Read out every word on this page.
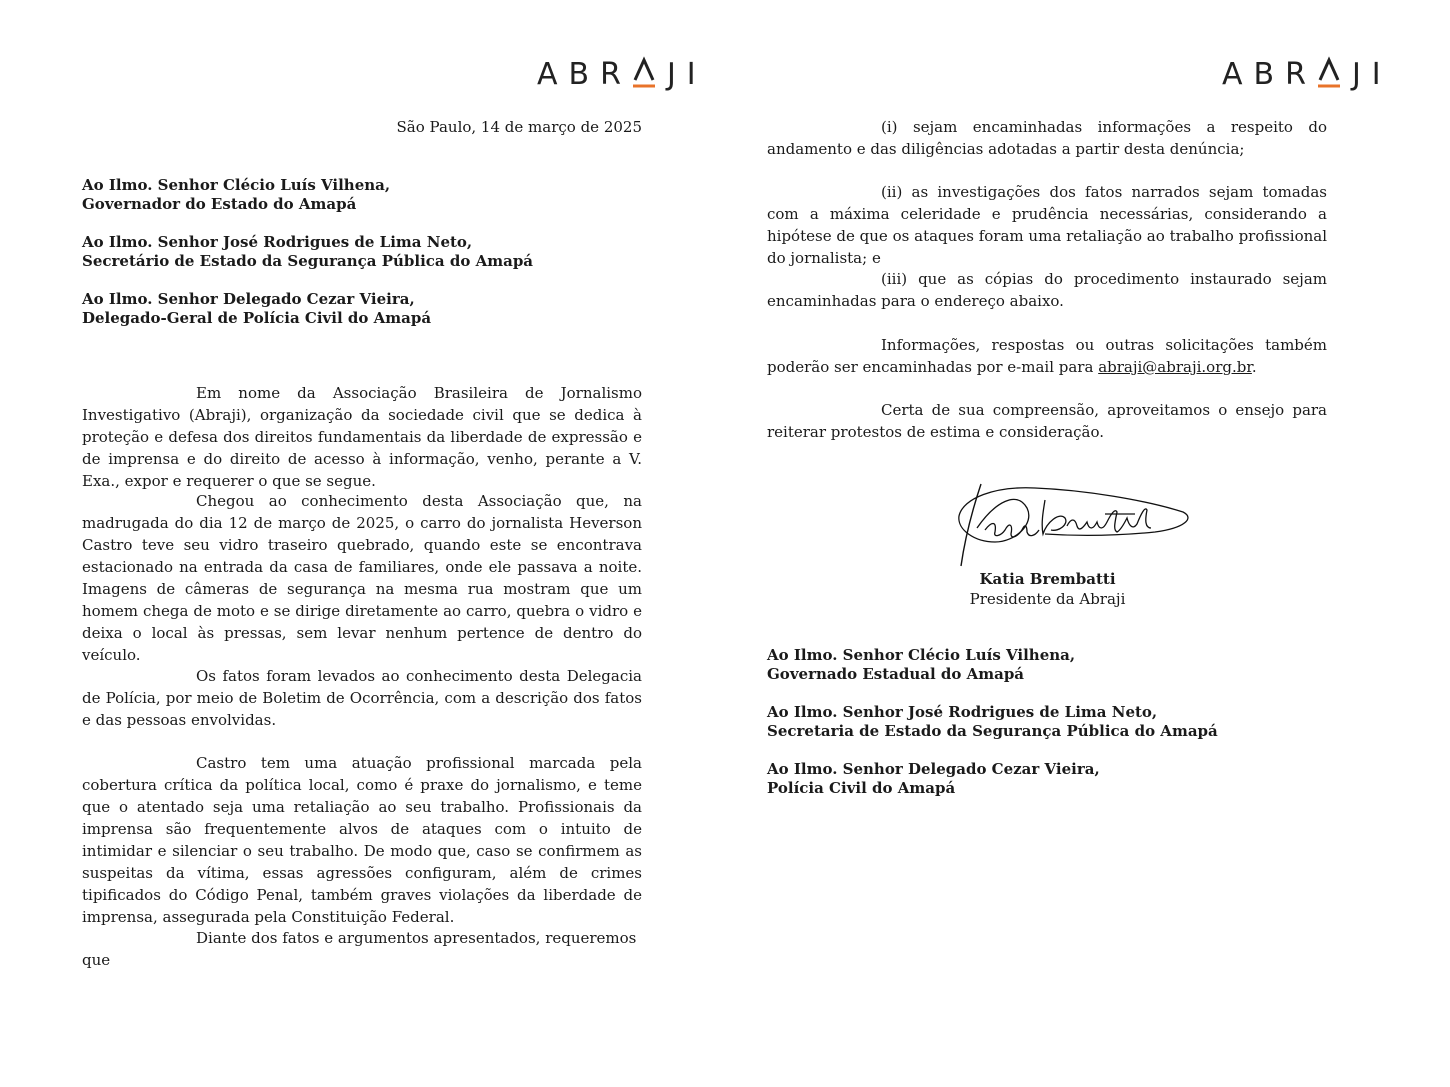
ABR JI
São Paulo, 14 de março de 2025
Ao Ilmo. Senhor Clécio Luís Vilhena,
Governador do Estado do Amapá
Ao Ilmo. Senhor José Rodrigues de Lima Neto,
Secretário de Estado da Segurança Pública do Amapá
Ao Ilmo. Senhor Delegado Cezar Vieira,
Delegado-Geral de Polícia Civil do Amapá
Em nome da Associação Brasileira de Jornalismo Investigativo (Abraji), organização da sociedade civil que se dedica à proteção e defesa dos direitos fundamentais da liberdade de expressão e de imprensa e do direito de acesso à informação, venho, perante a V. Exa., expor e requerer o que se segue.
Chegou ao conhecimento desta Associação que, na madrugada do dia 12 de março de 2025, o carro do jornalista Heverson Castro teve seu vidro traseiro quebrado, quando este se encontrava estacionado na entrada da casa de familiares, onde ele passava a noite. Imagens de câmeras de segurança na mesma rua mostram que um homem chega de moto e se dirige diretamente ao carro, quebra o vidro e deixa o local às pressas, sem levar nenhum pertence de dentro do veículo.
Os fatos foram levados ao conhecimento desta Delegacia de Polícia, por meio de Boletim de Ocorrência, com a descrição dos fatos e das pessoas envolvidas.
Castro tem uma atuação profissional marcada pela cobertura crítica da política local, como é praxe do jornalismo, e teme que o atentado seja uma retaliação ao seu trabalho. Profissionais da imprensa são frequentemente alvos de ataques com o intuito de intimidar e silenciar o seu trabalho. De modo que, caso se confirmem as suspeitas da vítima, essas agressões configuram, além de crimes tipificados do Código Penal, também graves violações da liberdade de imprensa, assegurada pela Constituição Federal.
Diante dos fatos e argumentos apresentados, requeremos que
ABR JI
(i) sejam encaminhadas informações a respeito do andamento e das diligências adotadas a partir desta denúncia;
(ii) as investigações dos fatos narrados sejam tomadas com a máxima celeridade e prudência necessárias, considerando a hipótese de que os ataques foram uma retaliação ao trabalho profissional do jornalista; e
(iii) que as cópias do procedimento instaurado sejam encaminhadas para o endereço abaixo.
Informações, respostas ou outras solicitações também poderão ser encaminhadas por e-mail para abraji@abraji.org.br.
Certa de sua compreensão, aproveitamos o ensejo para reiterar protestos de estima e consideração.
Katia Brembatti
Presidente da Abraji
Ao Ilmo. Senhor Clécio Luís Vilhena,
Governado Estadual do Amapá
Ao Ilmo. Senhor José Rodrigues de Lima Neto,
Secretaria de Estado da Segurança Pública do Amapá
Ao Ilmo. Senhor Delegado Cezar Vieira,
Polícia Civil do Amapá
